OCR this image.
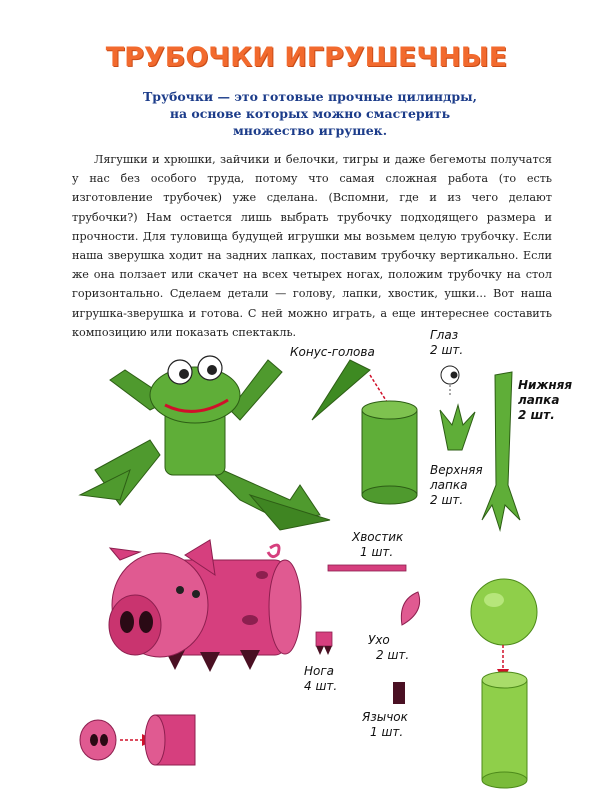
ТРУБОЧКИ ИГРУШЕЧНЫЕ
Трубочки — это готовые прочные цилиндры,
на основе которых можно смастерить
множество игрушек.
Лягушки и хрюшки, зайчики и белочки, тигры и даже бегемоты получатся у нас без особого труда, потому что самая сложная работа (то есть изготовление трубочек) уже сделана. (Вспомни, где и из чего делают трубочки?) Нам остается лишь выбрать трубочку подходящего размера и прочности. Для туловища будущей игрушки мы возьмем целую трубочку. Если наша зверушка ходит на задних лапках, поставим трубочку вертикально. Если же она ползает или скачет на всех четырех ногах, положим трубочку на стол горизонтально. Сделаем детали — голову, лапки, хвостик, ушки... Вот наша игрушка-зверушка и готова. С ней можно играть, а еще интереснее составить композицию или показать спектакль.
Конус-голова
Глаз
2 шт.
Нижняя
лапка
2 шт.
Верхняя
лапка
2 шт.
Хвостик
1 шт.
Ухо
2 шт.
Нога
4 шт.
Язычок
1 шт.
